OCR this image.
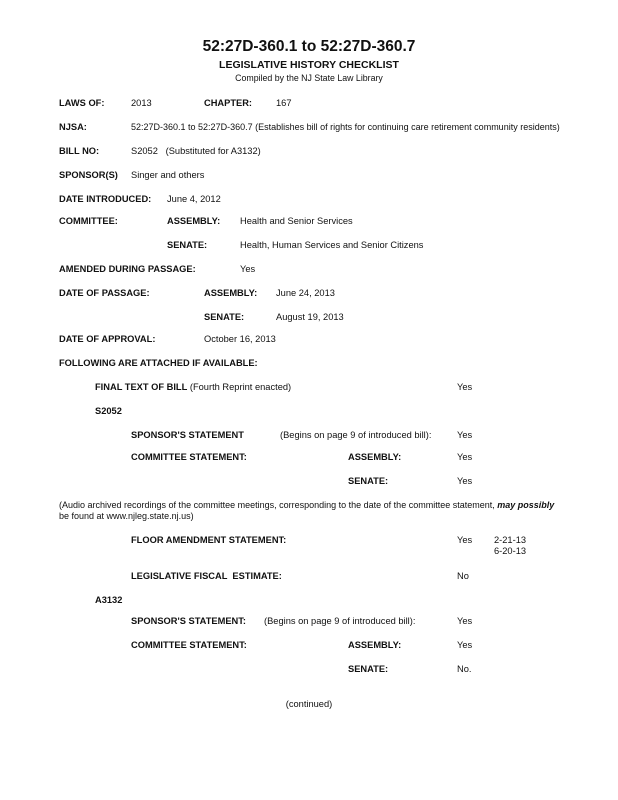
52:27D-360.1 to 52:27D-360.7
LEGISLATIVE HISTORY CHECKLIST
Compiled by the NJ State Law Library
LAWS OF:	2013	CHAPTER:	167
NJSA:	52:27D-360.1 to 52:27D-360.7 (Establishes bill of rights for continuing care retirement community residents)
BILL NO:	S2052   (Substituted for A3132)
SPONSOR(S) Singer and others
DATE INTRODUCED: June 4, 2012
COMMITTEE:	ASSEMBLY: Health and Senior Services
SENATE:	Health, Human Services and Senior Citizens
AMENDED DURING PASSAGE:	Yes
DATE OF PASSAGE:	ASSEMBLY: June 24, 2013
SENATE:	August 19, 2013
DATE OF APPROVAL:	October 16, 2013
FOLLOWING ARE ATTACHED IF AVAILABLE:
FINAL TEXT OF BILL (Fourth Reprint enacted)	Yes
S2052
SPONSOR'S STATEMENT	(Begins on page 9 of introduced bill):	Yes
COMMITTEE STATEMENT:	ASSEMBLY:	Yes
SENATE:	Yes
(Audio archived recordings of the committee meetings, corresponding to the date of the committee statement, may possibly
be found at www.njleg.state.nj.us)
FLOOR AMENDMENT STATEMENT:	Yes 2-21-13
6-20-13
LEGISLATIVE FISCAL  ESTIMATE:	No
A3132
SPONSOR'S STATEMENT: (Begins on page 9 of introduced bill):	Yes
COMMITTEE STATEMENT:	ASSEMBLY:	Yes
SENATE:	No.
(continued)
